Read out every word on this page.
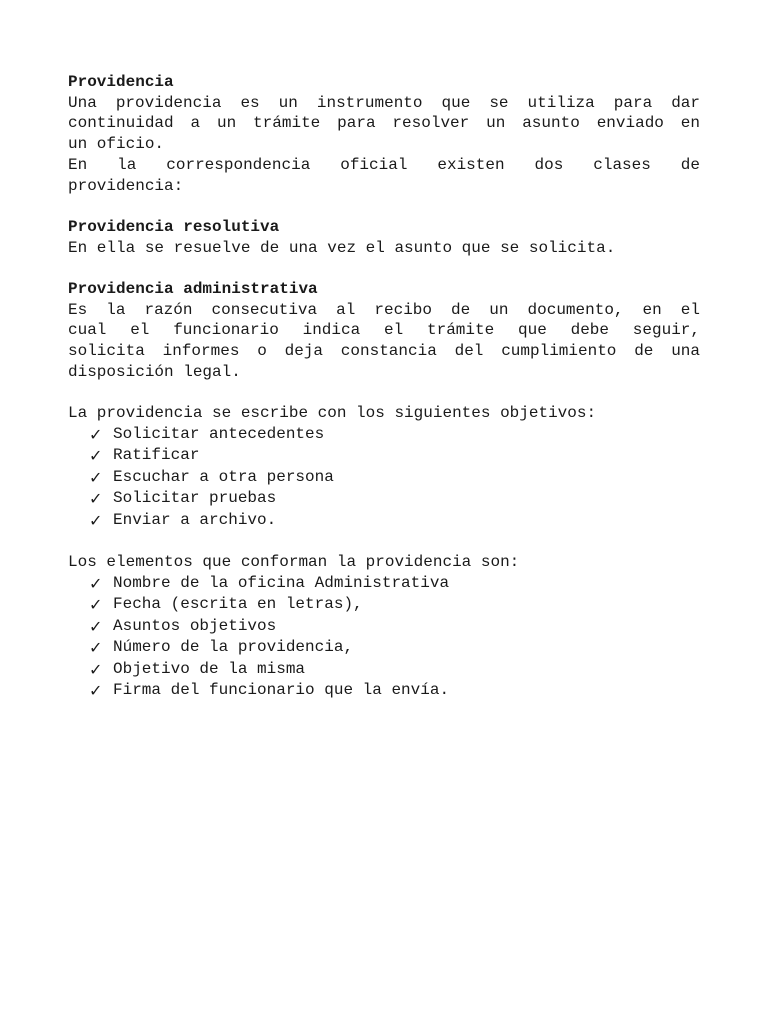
Providencia
Una providencia es un instrumento que se utiliza para dar
continuidad a un trámite para resolver un asunto enviado en
un oficio.
En la correspondencia oficial existen dos clases de
providencia:
Providencia resolutiva
En ella se resuelve de una vez el asunto que se solicita.
Providencia administrativa
Es la razón consecutiva al recibo de un documento, en el
cual el funcionario indica el trámite que debe seguir,
solicita informes o deja constancia del cumplimiento de una
disposición legal.
La providencia se escribe con los siguientes objetivos:
✓ Solicitar antecedentes
✓ Ratificar
✓ Escuchar a otra persona
✓ Solicitar pruebas
✓ Enviar a archivo.
Los elementos que conforman la providencia son:
✓ Nombre de la oficina Administrativa
✓ Fecha (escrita en letras),
✓ Asuntos objetivos
✓ Número de la providencia,
✓ Objetivo de la misma
✓ Firma del funcionario que la envía.
